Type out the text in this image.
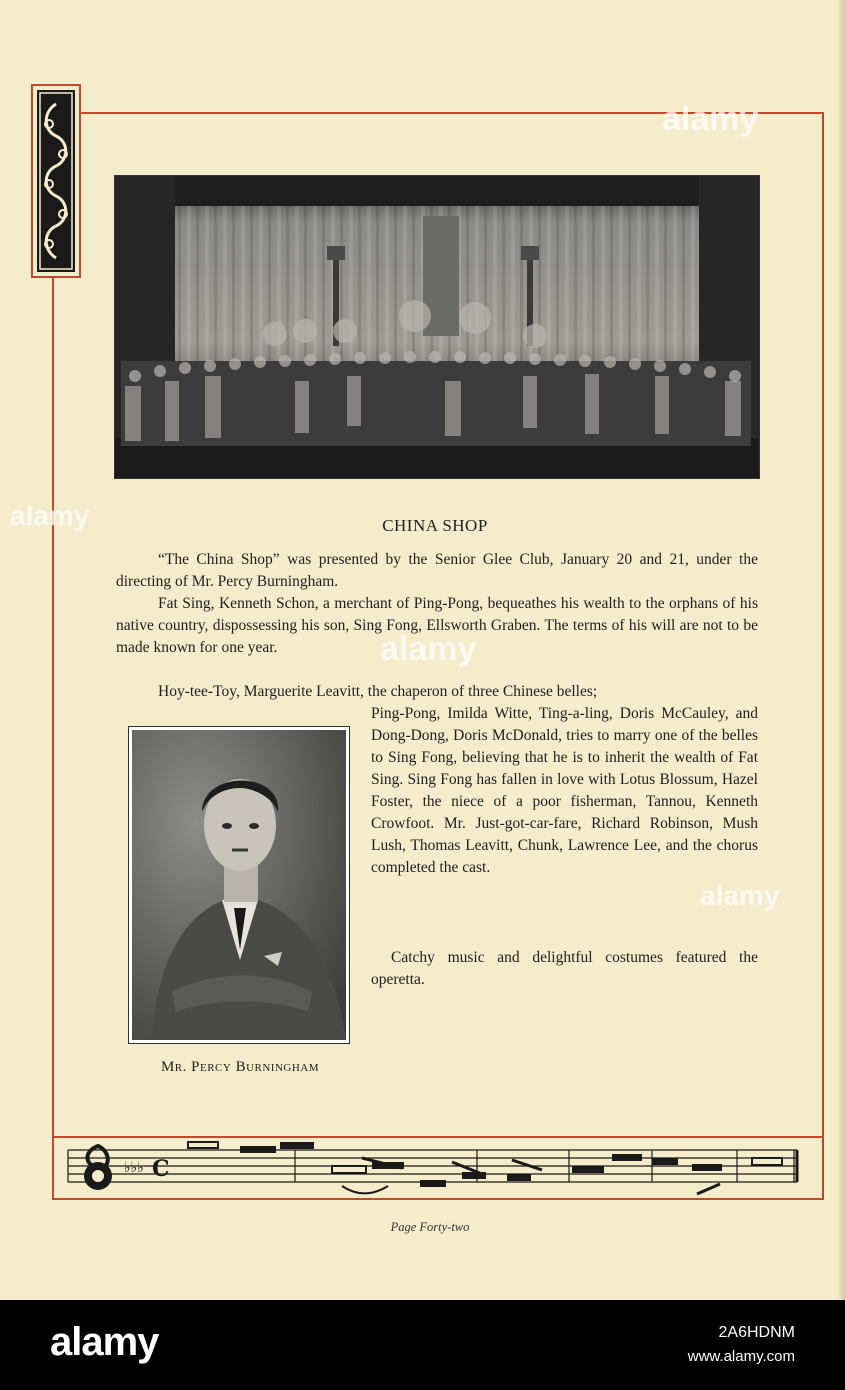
CHINA SHOP

“The China Shop” was presented by the Senior Glee Club, January 20 and 21, under the directing of Mr. Percy Burningham.

Fat Sing, Kenneth Schon, a merchant of Ping-Pong, bequeathes his wealth to the orphans of his native country, dispossessing his son, Sing Fong, Ellsworth Graben. The terms of his will are not to be made known for one year.

Hoy-tee-Toy, Marguerite Leavitt, the chaperon of three Chinese belles;

Ping-Pong, Imilda Witte, Ting-a-ling, Doris McCauley, and Dong-Dong, Doris McDonald, tries to marry one of the belles to Sing Fong, believing that he is to inherit the wealth of Fat Sing. Sing Fong has fallen in love with Lotus Blossum, Hazel Foster, the niece of a poor fisherman, Tannou, Kenneth Crowfoot. Mr. Just-got-car-fare, Richard Robinson, Mush Lush, Thomas Leavitt, Chunk, Lawrence Lee, and the chorus completed the cast.

Catchy music and delightful costumes featured the operetta.

Mr. Percy Burningham
♭♭♭ C
Page Forty-two
alamy
alamy
alamy
alamy
alamy	2A6HDNM
www.alamy.com
